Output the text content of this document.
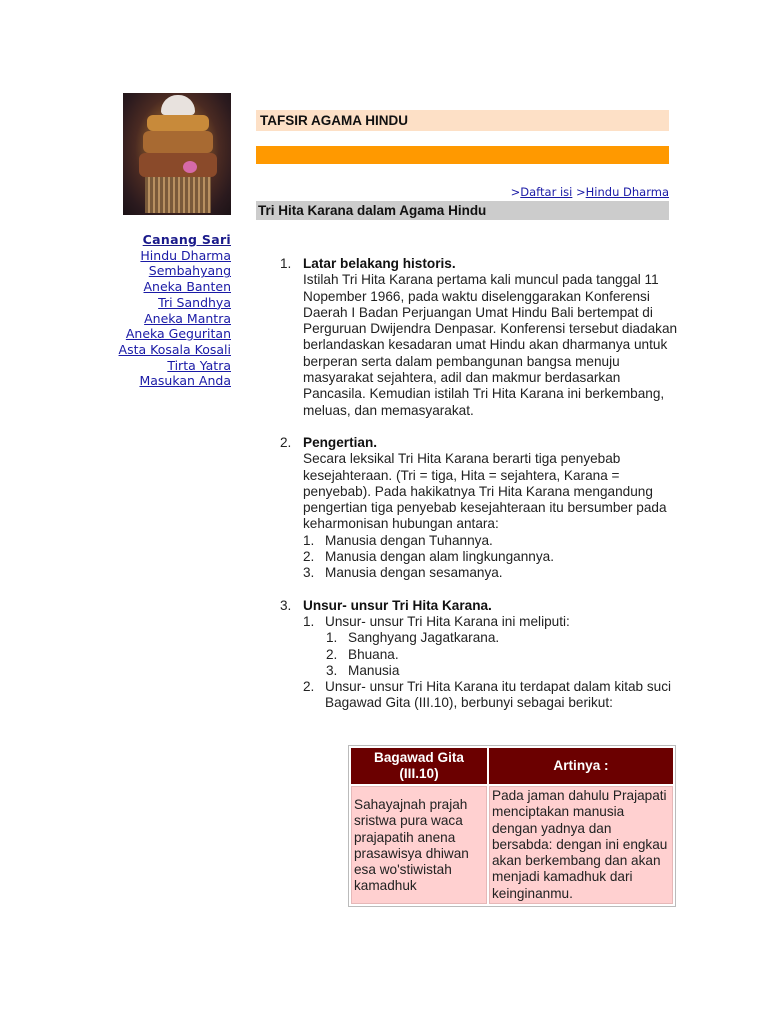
Canang Sari
Hindu Dharma
Sembahyang
Aneka Banten
Tri Sandhya
Aneka Mantra
Aneka Geguritan
Asta Kosala Kosali
Tirta Yatra
Masukan Anda
TAFSIR AGAMA HINDU
>Daftar isi >Hindu Dharma
Tri Hita Karana dalam Agama Hindu
1. Latar belakang historis.
Istilah Tri Hita Karana pertama kali muncul pada tanggal 11 Nopember 1966, pada waktu diselenggarakan Konferensi Daerah I Badan Perjuangan Umat Hindu Bali bertempat di Perguruan Dwijendra Denpasar. Konferensi tersebut diadakan berlandaskan kesadaran umat Hindu akan dharmanya untuk berperan serta dalam pembangunan bangsa menuju masyarakat sejahtera, adil dan makmur berdasarkan Pancasila. Kemudian istilah Tri Hita Karana ini berkembang, meluas, dan memasyarakat.
2. Pengertian.
Secara leksikal Tri Hita Karana berarti tiga penyebab kesejahteraan. (Tri = tiga, Hita = sejahtera, Karana = penyebab). Pada hakikatnya Tri Hita Karana mengandung pengertian tiga penyebab kesejahteraan itu bersumber pada keharmonisan hubungan antara:
1. Manusia dengan Tuhannya.
2. Manusia dengan alam lingkungannya.
3. Manusia dengan sesamanya.
3. Unsur- unsur Tri Hita Karana.
1. Unsur- unsur Tri Hita Karana ini meliputi:
1. Sanghyang Jagatkarana.
2. Bhuana.
3. Manusia
2. Unsur- unsur Tri Hita Karana itu terdapat dalam kitab suci Bagawad Gita (III.10), berbunyi sebagai berikut:
Bagawad Gita (III.10)	Artinya :
Sahayajnah prajah sristwa pura waca prajapatih anena prasawisya dhiwan esa wo'stiwistah kamadhuk	Pada jaman dahulu Prajapati menciptakan manusia dengan yadnya dan bersabda: dengan ini engkau akan berkembang dan akan menjadi kamadhuk dari keinginanmu.
